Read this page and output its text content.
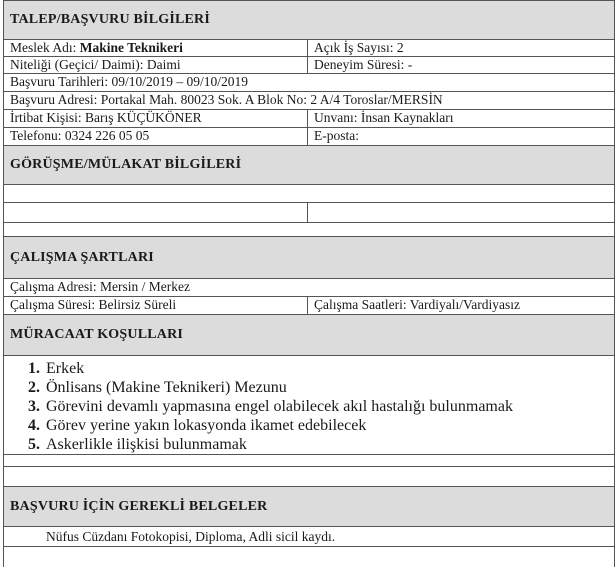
TALEP/BAŞVURU BİLGİLERİ
Meslek Adı: Makine Teknikeri	Açık İş Sayısı: 2
Niteliği (Geçici/ Daimi): Daimi	Deneyim Süresi: -
Başvuru Tarihleri: 09/10/2019 – 09/10/2019
Başvuru Adresi: Portakal Mah. 80023 Sok. A Blok No: 2 A/4 Toroslar/MERSİN
İrtibat Kişisi: Barış KÜÇÜKÖNER	Unvanı: İnsan Kaynakları
Telefonu: 0324 226 05 05	E-posta:
GÖRÜŞME/MÜLAKAT BİLGİLERİ
ÇALIŞMA ŞARTLARI
Çalışma Adresi: Mersin / Merkez
Çalışma Süresi: Belirsiz Süreli	Çalışma Saatleri: Vardiyalı/Vardiyasız
MÜRACAAT KOŞULLARI
1. Erkek
2. Önlisans (Makine Teknikeri) Mezunu
3. Görevini devamlı yapmasına engel olabilecek akıl hastalığı bulunmamak
4. Görev yerine yakın lokasyonda ikamet edebilecek
5. Askerlikle ilişkisi bulunmamak
BAŞVURU İÇİN GEREKLİ BELGELER
Nüfus Cüzdanı Fotokopisi, Diploma, Adli sicil kaydı.
